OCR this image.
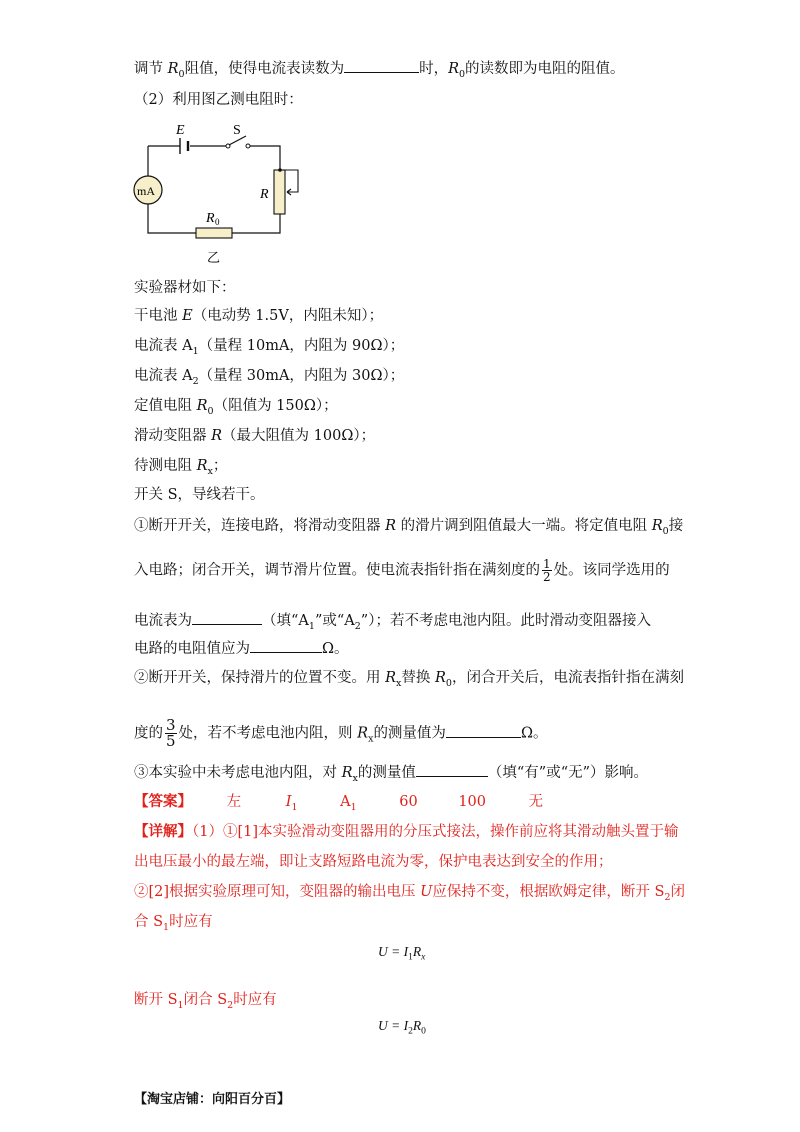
调节 $R_0$阻值，使得电流表读数为	时，$R_0$的读数即为电阻的阻值。
（2）利用图乙测电阻时：
E	S
mA	R
R 0
乙
实验器材如下：
干电池 E（电动势 1.5V，内阻未知）；
电流表 $A_1$（量程 10mA，内阻为 90Ω）；
电流表 $A_2$（量程 30mA，内阻为 30Ω）；
定值电阻 $R_0$（阻值为 150Ω）；
滑动变阻器 R（最大阻值为 100Ω）；
待测电阻 $R_x$；
开关 S，导线若干。
①断开开关，连接电路，将滑动变阻器 R 的滑片调到阻值最大一端。将定值电阻 $R_0$接
入电路；闭合开关，调节滑片位置。使电流表指针指在满刻度的 $\frac{1}{2}$ 处。该同学选用的
电流表为	（填“$A_1$”或“$A_2$”）；若不考虑电池内阻。此时滑动变阻器接入
电路的电阻值应为	Ω。
②断开开关，保持滑片的位置不变。用 $R_x$替换 $R_0$，闭合开关后，电流表指针指在满刻
度的 $\frac{3}{5}$ 处，若不考虑电池内阻，则 $R_x$的测量值为	Ω。
③本实验中未考虑电池内阻，对 $R_x$的测量值	（填“有”或“无”）影响。
【答案】 左	$I_1$	$A_1$	60	100	无
【详解】（1）①[1]本实验滑动变阻器用的分压式接法，操作前应将其滑动触头置于输
出电压最小的最左端，即让支路短路电流为零，保护电表达到安全的作用；
②[2]根据实验原理可知，变阻器的输出电压 U应保持不变，根据欧姆定律，断开 $S_2$闭
合 $S_1$时应有
$U = I_1R_x$
断开 $S_1$闭合 $S_2$时应有
$U = I_2R_0$
【淘宝店铺：向阳百分百】
